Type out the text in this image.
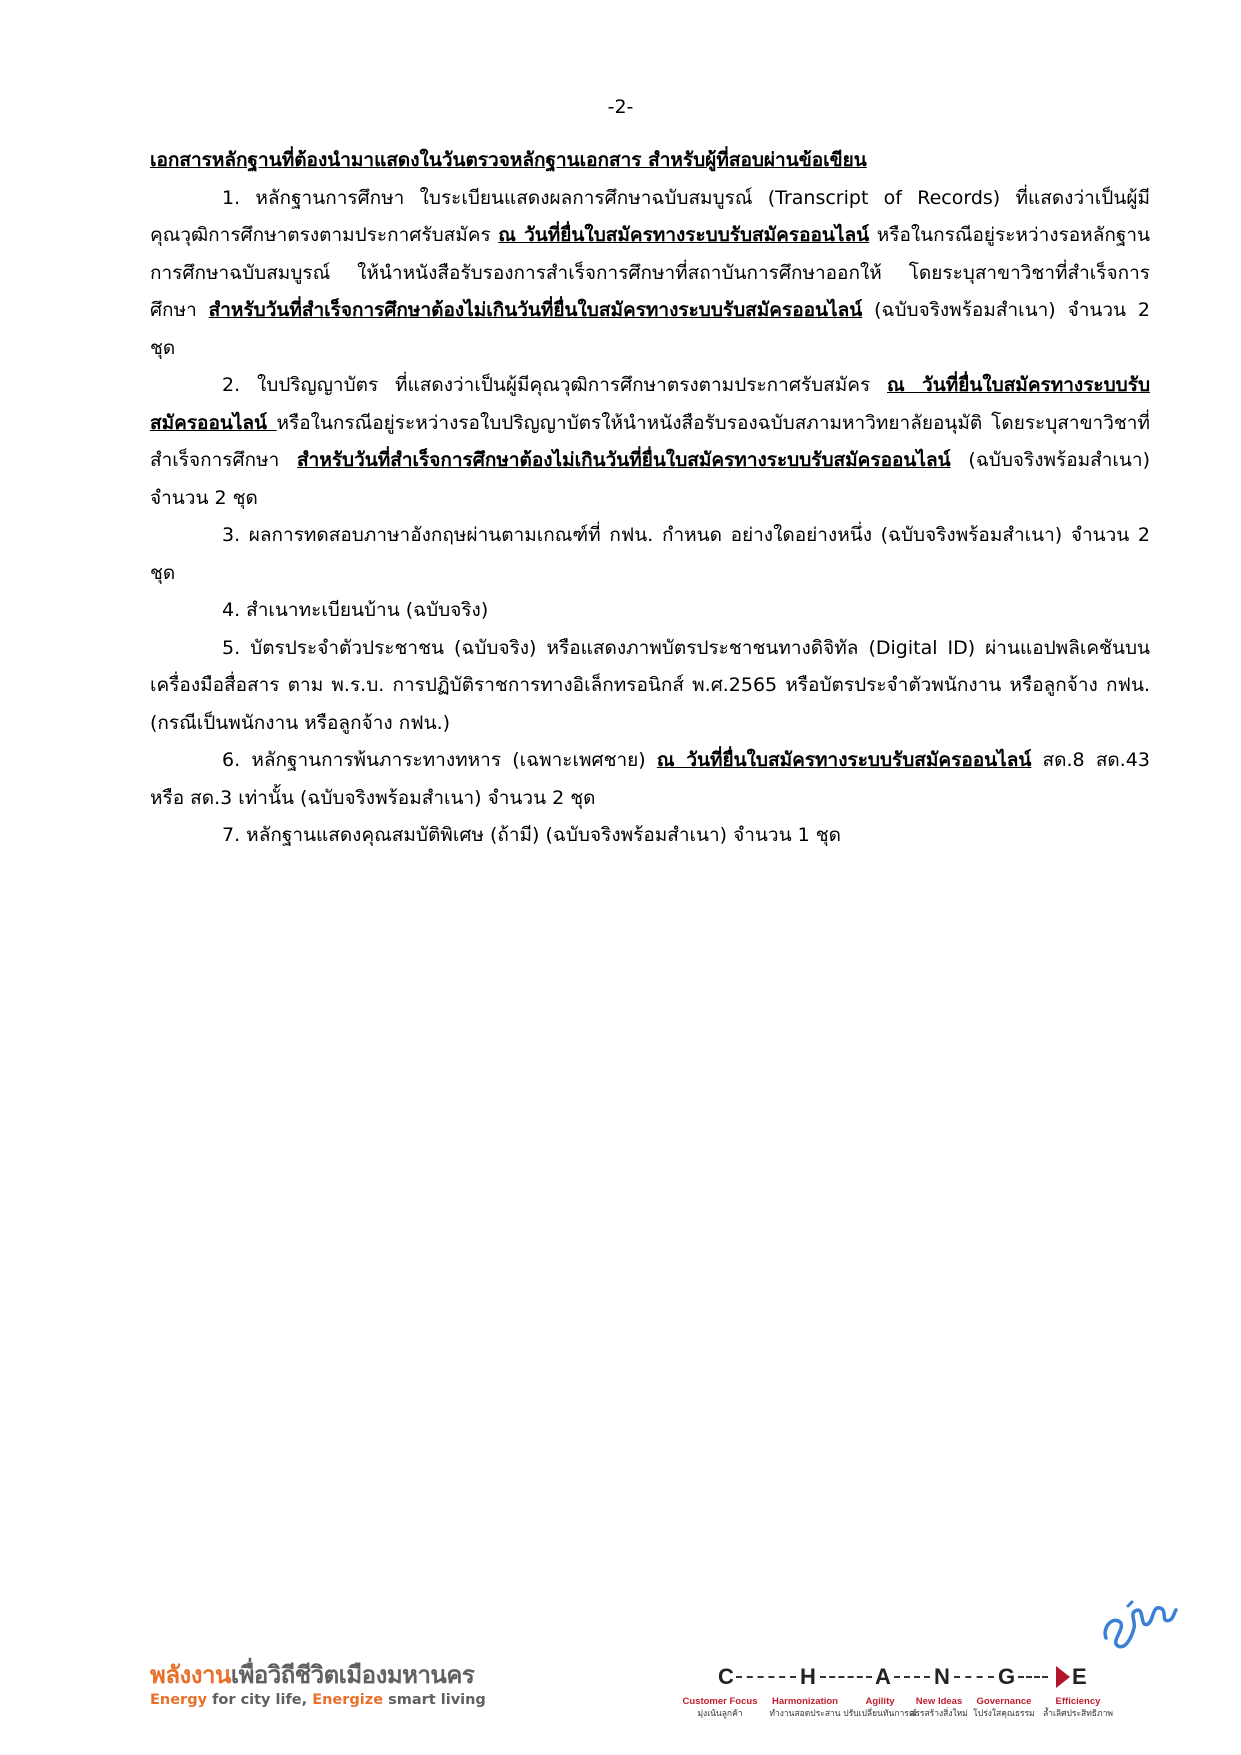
-2-

เอกสารหลักฐานที่ต้องนำมาแสดงในวันตรวจหลักฐานเอกสาร สำหรับผู้ที่สอบผ่านข้อเขียน

1. หลักฐานการศึกษา ใบระเบียนแสดงผลการศึกษาฉบับสมบูรณ์ (Transcript of Records) ที่แสดงว่าเป็นผู้มีคุณวุฒิการศึกษาตรงตามประกาศรับสมัคร ณ วันที่ยื่นใบสมัครทางระบบรับสมัครออนไลน์ หรือในกรณีอยู่ระหว่างรอหลักฐานการศึกษาฉบับสมบูรณ์ ให้นำหนังสือรับรองการสำเร็จการศึกษาที่สถาบันการศึกษาออกให้ โดยระบุสาขาวิชาที่สำเร็จการศึกษา สำหรับวันที่สำเร็จการศึกษาต้องไม่เกินวันที่ยื่นใบสมัครทางระบบรับสมัครออนไลน์ (ฉบับจริงพร้อมสำเนา) จำนวน 2 ชุด

2. ใบปริญญาบัตร ที่แสดงว่าเป็นผู้มีคุณวุฒิการศึกษาตรงตามประกาศรับสมัคร ณ วันที่ยื่นใบสมัครทางระบบรับสมัครออนไลน์ หรือในกรณีอยู่ระหว่างรอใบปริญญาบัตรให้นำหนังสือรับรองฉบับสภามหาวิทยาลัยอนุมัติ โดยระบุสาขาวิชาที่สำเร็จการศึกษา สำหรับวันที่สำเร็จการศึกษาต้องไม่เกินวันที่ยื่นใบสมัครทางระบบรับสมัครออนไลน์ (ฉบับจริงพร้อมสำเนา) จำนวน 2 ชุด

3. ผลการทดสอบภาษาอังกฤษผ่านตามเกณฑ์ที่ กฟน. กำหนด อย่างใดอย่างหนึ่ง (ฉบับจริงพร้อมสำเนา) จำนวน 2 ชุด

4. สำเนาทะเบียนบ้าน (ฉบับจริง)

5. บัตรประจำตัวประชาชน (ฉบับจริง) หรือแสดงภาพบัตรประชาชนทางดิจิทัล (Digital ID) ผ่านแอปพลิเคชันบนเครื่องมือสื่อสาร ตาม พ.ร.บ. การปฏิบัติราชการทางอิเล็กทรอนิกส์ พ.ศ.2565 หรือบัตรประจำตัวพนักงาน หรือลูกจ้าง กฟน. (กรณีเป็นพนักงาน หรือลูกจ้าง กฟน.)

6. หลักฐานการพ้นภาระทางทหาร (เฉพาะเพศชาย) ณ วันที่ยื่นใบสมัครทางระบบรับสมัครออนไลน์ สด.8 สด.43 หรือ สด.3 เท่านั้น (ฉบับจริงพร้อมสำเนา) จำนวน 2 ชุด

7. หลักฐานแสดงคุณสมบัติพิเศษ (ถ้ามี) (ฉบับจริงพร้อมสำเนา) จำนวน 1 ชุด

พลังงานเพื่อวิถีชีวิตเมืองมหานคร
Energy for city life, Energize smart living
C	H	A N G	E
Customer Focus
มุ่งเน้นลูกค้า
Harmonization
ทำงานสอดประสาน
Agility
ปรับเปลี่ยนทันการณ์
New Ideas
สรรสร้างสิ่งใหม่
Governance
โปร่งใสคุณธรรม
Efficiency
ล้ำเลิศประสิทธิภาพ
